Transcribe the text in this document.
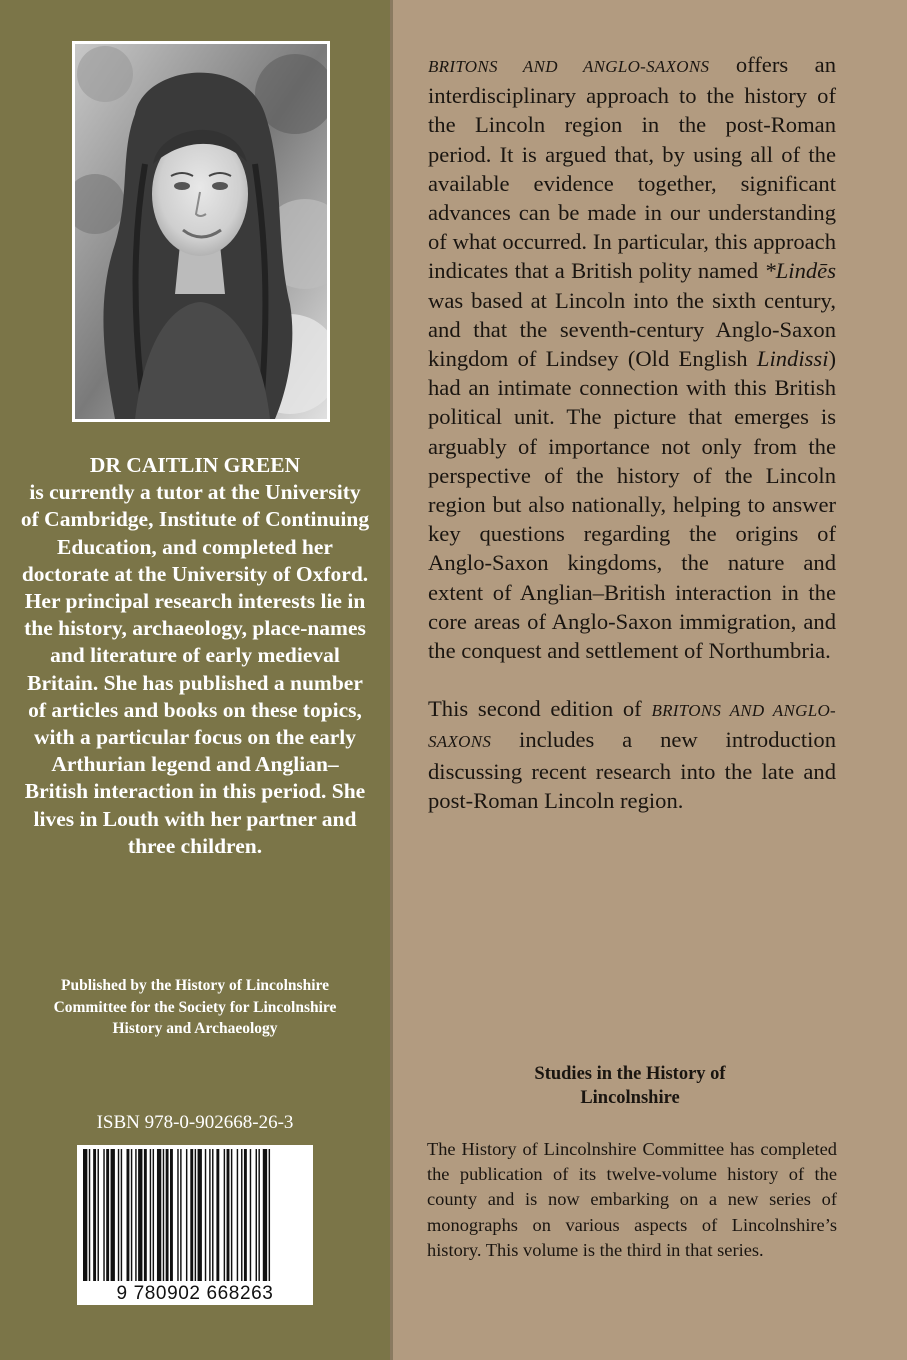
DR CAITLIN GREEN
is currently a tutor at the University of Cambridge, Institute of Continuing Education, and completed her doctorate at the University of Oxford. Her principal research interests lie in the history, archaeology, place-names and literature of early medieval Britain. She has published a number of articles and books on these topics, with a particular focus on the early Arthurian legend and Anglian–British interaction in this period. She lives in Louth with her partner and three children.
Published by the History of Lincolnshire Committee for the Society for Lincolnshire History and Archaeology
ISBN 978-0-902668-26-3
9 780902 668263

BRITONS AND ANGLO-SAXONS offers an interdisciplinary approach to the history of the Lincoln region in the post-Roman period. It is argued that, by using all of the available evidence together, significant advances can be made in our understanding of what occurred. In particular, this approach indicates that a British polity named *Lindēs was based at Lincoln into the sixth century, and that the seventh-century Anglo-Saxon kingdom of Lindsey (Old English Lindissi) had an intimate connection with this British political unit. The picture that emerges is arguably of importance not only from the perspective of the history of the Lincoln region but also nationally, helping to answer key questions regarding the origins of Anglo-Saxon kingdoms, the nature and extent of Anglian–British interaction in the core areas of Anglo-Saxon immigration, and the conquest and settlement of Northumbria.

This second edition of BRITONS AND ANGLO-SAXONS includes a new introduction discussing recent research into the late and post-Roman Lincoln region.

Studies in the History of
Lincolnshire
The History of Lincolnshire Committee has completed the publication of its twelve-volume history of the county and is now embarking on a new series of monographs on various aspects of Lincolnshire’s history. This volume is the third in that series.
